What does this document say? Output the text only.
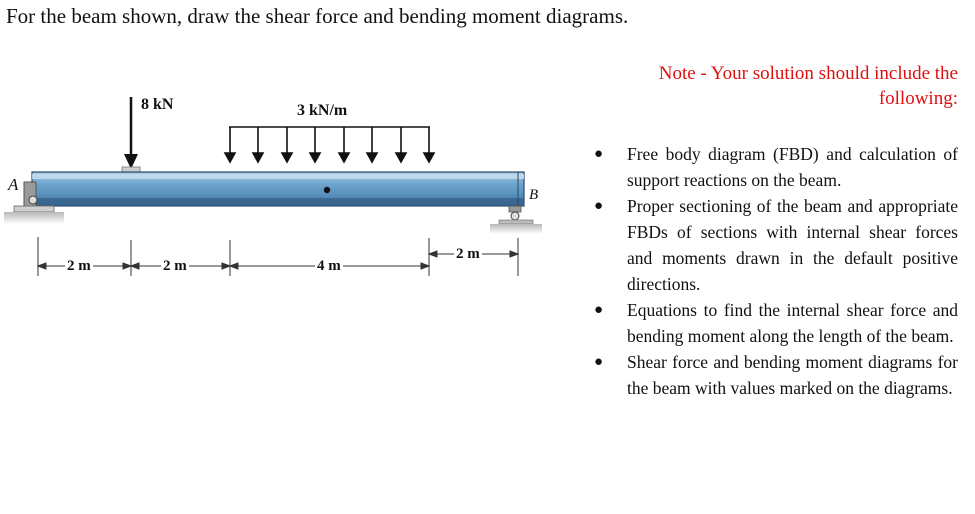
For the beam shown, draw the shear force and bending moment diagrams.
8 kN	3 kN/m
A
B
2 m	2 m	4 m
2 m
Note - Your solution should include the following:
● Free body diagram (FBD) and calculation of support reactions on the beam.
● Proper sectioning of the beam and appropriate FBDs of sections with internal shear forces and moments drawn in the default positive directions.
● Equations to find the internal shear force and bending moment along the length of the beam.
● Shear force and bending moment diagrams for the beam with values marked on the diagrams.
